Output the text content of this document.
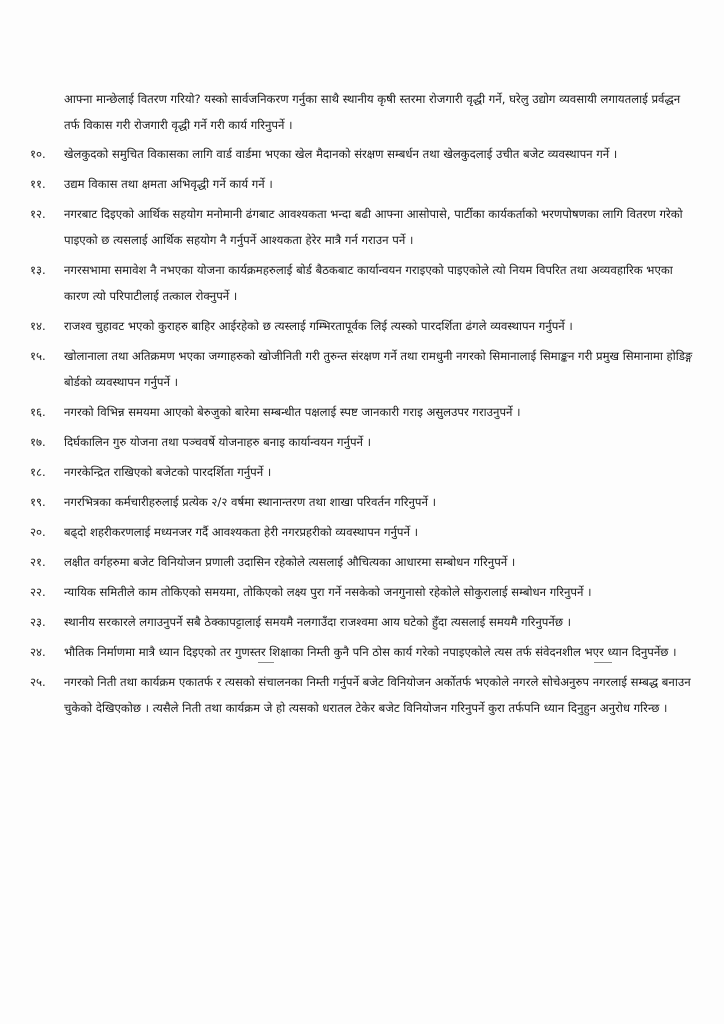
आफ्ना मान्छेलाई वितरण गरियो? यस्को सार्वजनिकरण गर्नुका साथै स्थानीय कृषी स्तरमा रोजगारी वृद्धी गर्ने, घरेलु उद्योग व्यवसायी लगायतलाई प्रर्वद्धन तर्फ विकास गरी रोजगारी वृद्धी गर्ने गरी कार्य गरिनुपर्ने ।

१०.	खेलकुदको समुचित विकासका लागि वार्ड वार्डमा भएका खेल मैदानको संरक्षण सम्बर्धन तथा खेलकुदलाई उचीत बजेट व्यवस्थापन गर्ने ।
११.	उद्यम विकास तथा क्षमता अभिवृद्धी गर्ने कार्य गर्ने ।
१२.	नगरबाट दिइएको आर्थिक सहयोग मनोमानी ढंगबाट आवश्यकता भन्दा बढी आफ्ना आसोपासे, पार्टीका कार्यकर्ताको भरणपोषणका लागि वितरण गरेको पाइएको छ त्यसलाई आर्थिक सहयोग नै गर्नुपर्ने आश्यकता हेरेर मात्रै गर्न गराउन पर्ने ।
१३.	नगरसभामा समावेश नै नभएका योजना कार्यक्रमहरुलाई बोर्ड बैठकबाट कार्यान्वयन गराइएको पाइएकोले त्यो नियम विपरित तथा अव्यवहारिक भएका कारण त्यो परिपाटीलाई तत्काल रोक्नुपर्ने ।
१४.	राजश्व चुहावट भएको कुराहरु बाहिर आईरहेको छ त्यस्लाई गम्भिरतापूर्वक लिई त्यस्को पारदर्शिता ढंगले व्यवस्थापन गर्नुपर्ने ।
१५.	खोलानाला तथा अतिक्रमण भएका जग्गाहरुको खोजीनिती गरी तुरुन्त संरक्षण गर्ने तथा रामधुनी नगरको सिमानालाई सिमाङ्कन गरी प्रमुख सिमानामा होडिङ्ग बोर्डको व्यवस्थापन गर्नुपर्ने ।
१६.	नगरको विभिन्न समयमा आएको बेरुजुको बारेमा सम्बन्धीत पक्षलाई स्पष्ट जानकारी गराइ असुलउपर गराउनुपर्ने ।
१७.	दिर्घकालिन गुरु योजना तथा पञ्चवर्षे योजनाहरु बनाइ कार्यान्वयन गर्नुपर्ने ।
१८.	नगरकेन्द्रित राखिएको बजेटको पारदर्शिता गर्नुपर्ने ।
१९.	नगरभित्रका कर्मचारीहरुलाई प्रत्येक २/२ वर्षमा स्थानान्तरण तथा शाखा परिवर्तन गरिनुपर्ने ।
२०.	बढ्दो शहरीकरणलाई मध्यनजर गर्दै आवश्यकता हेरी नगरप्रहरीको व्यवस्थापन गर्नुपर्ने ।
२१.	लक्षीत वर्गहरुमा बजेट विनियोजन प्रणाली उदासिन रहेकोले त्यसलाई औचित्यका आधारमा सम्बोधन गरिनुपर्ने ।
२२.	न्यायिक समितीले काम तोकिएको समयमा, तोकिएको लक्ष्य पुरा गर्ने नसकेको जनगुनासो रहेकोले सोकुरालाई सम्बोधन गरिनुपर्ने ।
२३.	स्थानीय सरकारले लगाउनुपर्ने सबै ठेक्कापट्टालाई समयमै नलगाउँदा राजश्वमा आय घटेको हुँदा त्यसलाई समयमै गरिनुपर्नेछ ।
२४.	भौतिक निर्माणमा मात्रै ध्यान दिइएको तर गुणस्तर शिक्षाका निम्ती कुनै पनि ठोस कार्य गरेको नपाइएकोले त्यस तर्फ संवेदनशील भएर ध्यान दिनुपर्नेछ ।
२५.	नगरको निती तथा कार्यक्रम एकातर्फ र त्यसको संचालनका निम्ती गर्नुपर्ने बजेट विनियोजन अर्कोतर्फ भएकोले नगरले सोचेअनुरुप नगरलाई सम्बद्ध बनाउन चुकेको देखिएकोछ । त्यसैले निती तथा कार्यक्रम जे हो त्यसको धरातल टेकेर बजेट विनियोजन गरिनुपर्ने कुरा तर्फपनि ध्यान दिनुहुन अनुरोध गरिन्छ ।
